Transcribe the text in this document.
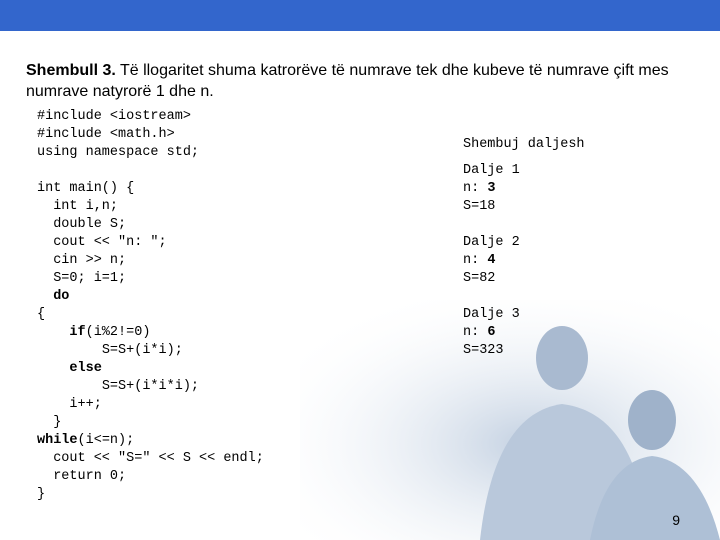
Shembull 3. Të llogaritet shuma katrorëve të numrave tek dhe kubeve të numrave çift mes numrave natyrorë 1 dhe n.
#include <iostream>
#include <math.h>
using namespace std;

int main() {
int i,n;
double S;
cout << "n: ";
cin >> n;
S=0; i=1;
do
{
if(i%2!=0)
S=S+(i*i);
else
S=S+(i*i*i);
i++;
}
while(i<=n);
cout << "S=" << S << endl;
return 0;
}
Shembuj daljesh
Dalje 1
n: 3
S=18
Dalje 2
n: 4
S=82
Dalje 3
n: 6
S=323
9
